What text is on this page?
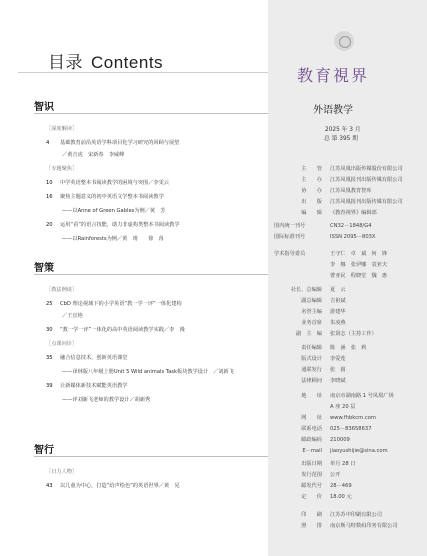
目录 Contents
智识
［深度解读］
4 基础教育前沿英语学科项目化学习研究的回顾与展望
／黄吉虎　宋新春　李威峰
［专题聚焦］
10 中学英语整本书阅读教学的困境与突围／李雯云
16 聚焦主题意义的初中英语文学整本书阅读教学
——以Anne of Green Gables为例／黄　芳
20 运用“看”的语言技能，助力非虚构类整本书阅读教学
——以Rainforests为例／黄　靖　　徐　苒
智策
［教法例谈］
25 CbD 理论视域下的小学英语“教一学一评”一体化建构
／王宜艳
30 “教一学一评”一体化的高中英语阅读教学实践／李　漫
［点课问诊］
35 融合信息技术，创新英语课堂
——译林版八年级上册Unit 5 Wild animals Task板块教学设计 ／刘新飞
39 让新媒体新技术赋能英语教学
——评刘新飞老师的教学设计／胡新秀
智行
［日力人物］
43 以儿童为中心，打造“给声绘色”的英语世界／黄　晃
教育視界
外语教学
2025 年 3 月
总 第 395 期
主　　管 江苏凤凰出版传媒股份有限公司
主　　办 江苏凤凰报刊出版传媒有限公司
协　　办 江苏凤凰教育智库
出　　版 江苏凤凰报刊出版传媒有限公司
编　　辑 《教育视界》编辑部
国内统一刊号	CN32－1848/G4
国际标准刊号	ISSN 2095－803X
学术指导委员	王守仁　卓　斌　何　锋
李　娜　张伊娜　袁亚夫
曹亚民　程晓堂　魏　惠
社长、总编辑 夏　云
副总编辑 吉祖斌
名誉主编 游建华
业务首席 朱凌燕
副　主　编 张贤志（主持工作）
责任编辑 陈　涵　张　莉
版式设计 李爱莲
通联发行 张　圆
法律顾问 李晓斌
地　　址 南京市湖南路 1 号凤凰广场
A 座 20 层
网　　址 www.fhbkcm.com
联系电话 025－83658637
邮政编码 210009
E－mail jiaoyushijie@sina.com
出版日期 单月 28 日
发行范围 公开
邮发代号 28－469
定　　价 18.00 元
印　　刷 江苏苏中印刷有限公司
照　　排 南京斯马特数码印务有限公司
